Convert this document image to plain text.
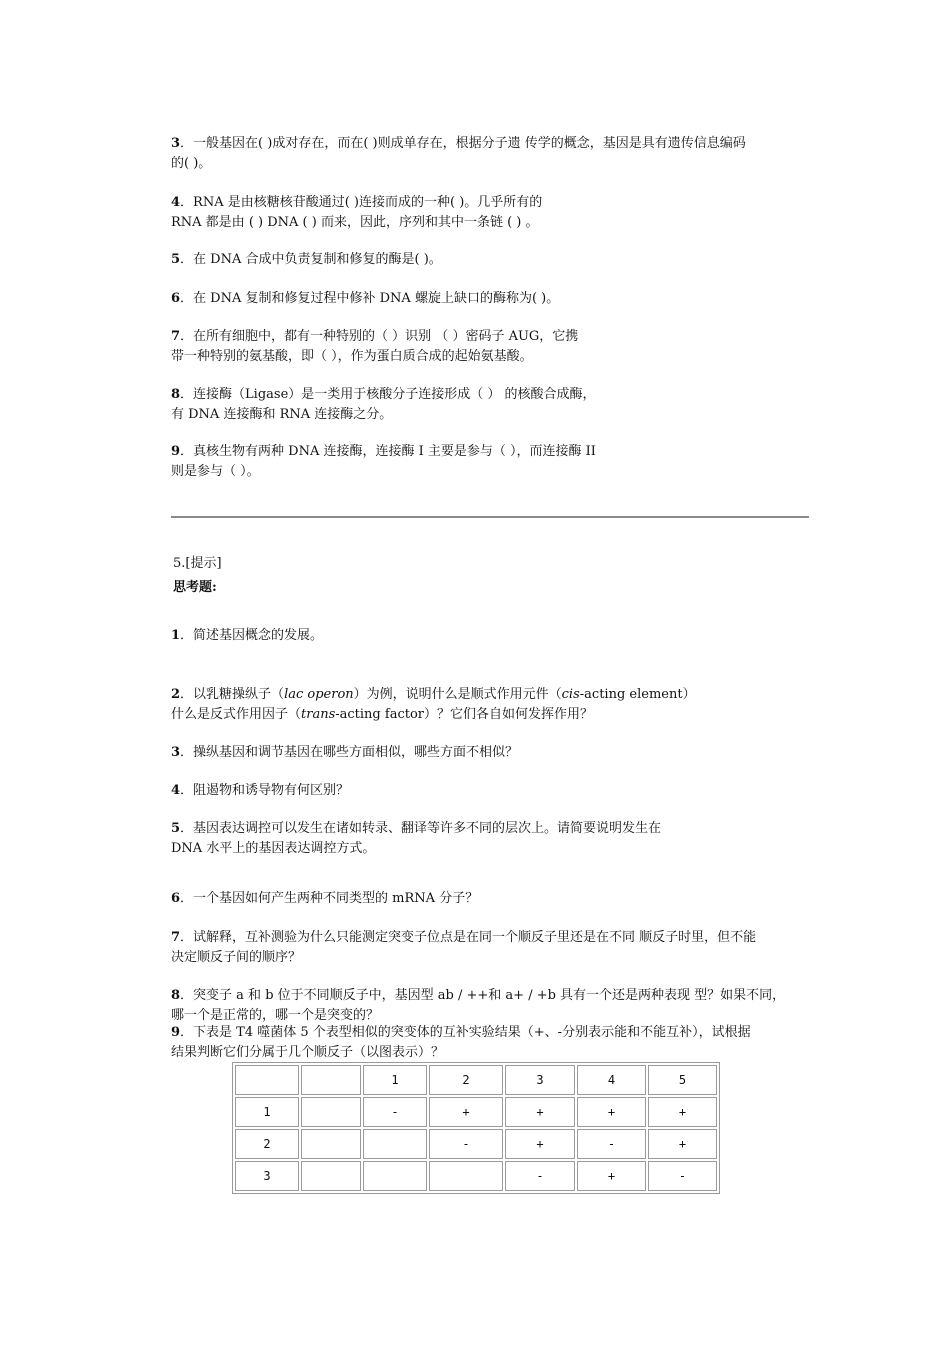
3．一般基因在( )成对存在，而在( )则成单存在，根据分子遗 传学的概念，基因是具有遗传信息编码
的( )。
4．RNA 是由核糖核苷酸通过( )连接而成的一种( )。几乎所有的
RNA 都是由 ( ) DNA ( ) 而来，因此，序列和其中一条链 ( ) 。
5．在 DNA 合成中负责复制和修复的酶是( )。
6．在 DNA 复制和修复过程中修补 DNA 螺旋上缺口的酶称为( )。
7．在所有细胞中，都有一种特别的（ ）识别 （ ）密码子 AUG，它携
带一种特别的氨基酸，即（ ），作为蛋白质合成的起始氨基酸。
8．连接酶（Ligase）是一类用于核酸分子连接形成（ ） 的核酸合成酶，
有 DNA 连接酶和 RNA 连接酶之分。
9．真核生物有两种 DNA 连接酶，连接酶 I 主要是参与（ ），而连接酶 II
则是参与（ ）。
5.[提示]
思考题:
1．简述基因概念的发展。
2．以乳糖操纵子（lac operon）为例，说明什么是顺式作用元件（cis-acting element）
什么是反式作用因子（trans-acting factor）？它们各自如何发挥作用？
3．操纵基因和调节基因在哪些方面相似，哪些方面不相似？
4．阻遏物和诱导物有何区别？
5．基因表达调控可以发生在诸如转录、翻译等许多不同的层次上。请简要说明发生在
DNA 水平上的基因表达调控方式。
6．一个基因如何产生两种不同类型的 mRNA 分子？
7．试解释，互补测验为什么只能测定突变子位点是在同一个顺反子里还是在不同 顺反子时里，但不能
决定顺反子间的顺序？
8．突变子 a 和 b 位于不同顺反子中，基因型 ab / ++和 a+ / +b 具有一个还是两种表现 型？如果不同，
哪一个是正常的，哪一个是突变的？
9．下表是 T4 噬菌体 5 个表型相似的突变体的互补实验结果（+、-分别表示能和不能互补），试根据
结果判断它们分属于几个顺反子（以图表示）？
		1	2	3	4	5
1		-	+	+	+	+
2			-	+	-	+
3				-	+	-
